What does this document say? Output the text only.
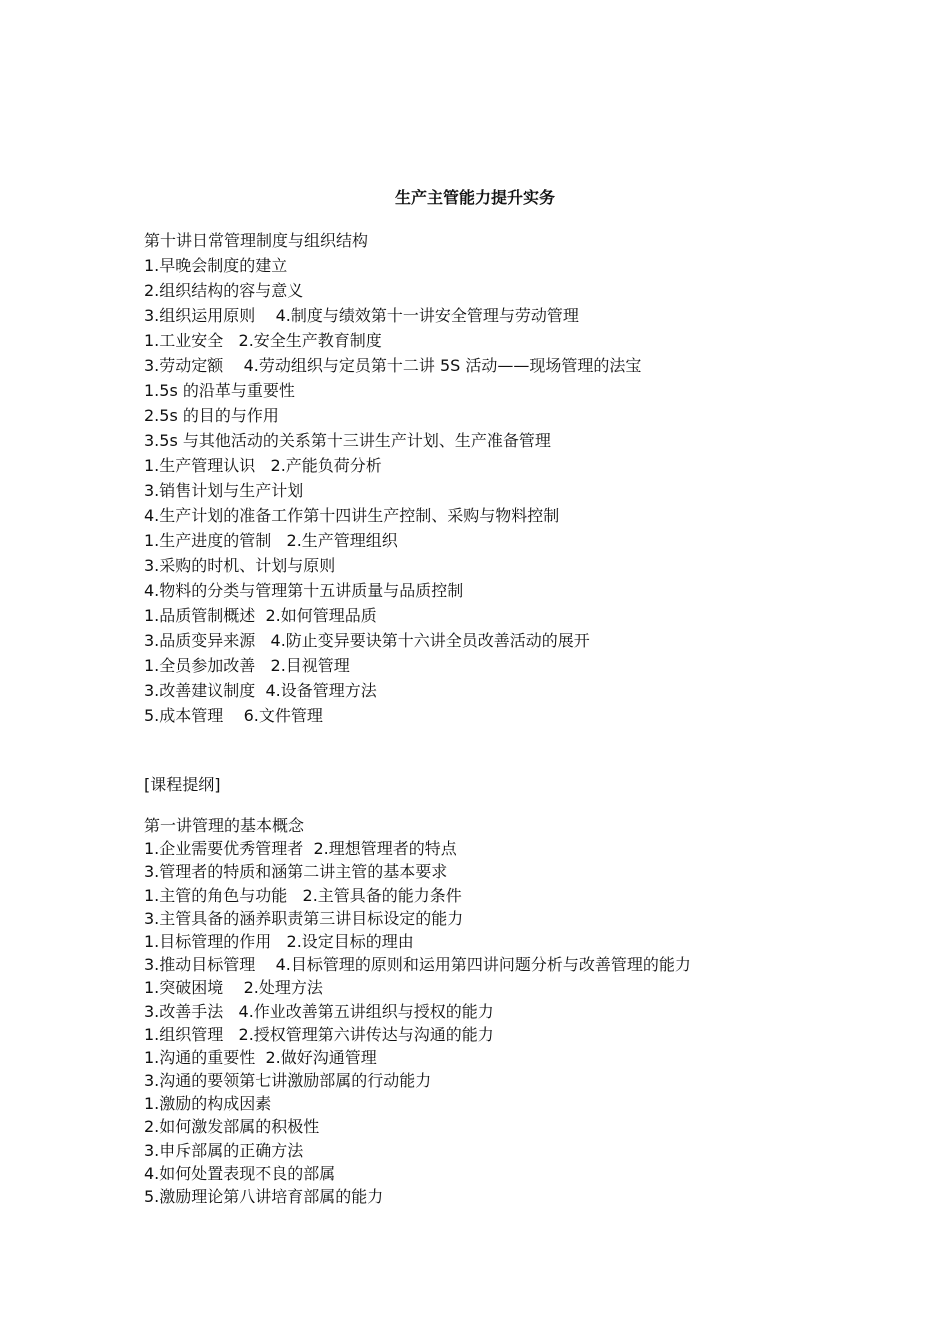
生产主管能力提升实务
第十讲日常管理制度与组织结构
1.早晚会制度的建立
2.组织结构的容与意义
3.组织运用原则    4.制度与绩效第十一讲安全管理与劳动管理
1.工业安全   2.安全生产教育制度
3.劳动定额    4.劳动组织与定员第十二讲 5S 活动——现场管理的法宝
1.5s 的沿革与重要性
2.5s 的目的与作用
3.5s 与其他活动的关系第十三讲生产计划、生产准备管理
1.生产管理认识   2.产能负荷分析
3.销售计划与生产计划
4.生产计划的准备工作第十四讲生产控制、采购与物料控制
1.生产进度的管制   2.生产管理组织
3.采购的时机、计划与原则
4.物料的分类与管理第十五讲质量与品质控制
1.品质管制概述  2.如何管理品质
3.品质变异来源   4.防止变异要诀第十六讲全员改善活动的展开
1.全员参加改善   2.目视管理
3.改善建议制度  4.设备管理方法
5.成本管理    6.文件管理
[课程提纲]
第一讲管理的基本概念
1.企业需要优秀管理者  2.理想管理者的特点
3.管理者的特质和涵第二讲主管的基本要求
1.主管的角色与功能   2.主管具备的能力条件
3.主管具备的涵养职责第三讲目标设定的能力
1.目标管理的作用   2.设定目标的理由
3.推动目标管理    4.目标管理的原则和运用第四讲问题分析与改善管理的能力
1.突破困境    2.处理方法
3.改善手法   4.作业改善第五讲组织与授权的能力
1.组织管理   2.授权管理第六讲传达与沟通的能力
1.沟通的重要性  2.做好沟通管理
3.沟通的要领第七讲激励部属的行动能力
1.激励的构成因素
2.如何激发部属的积极性
3.申斥部属的正确方法
4.如何处置表现不良的部属
5.激励理论第八讲培育部属的能力
